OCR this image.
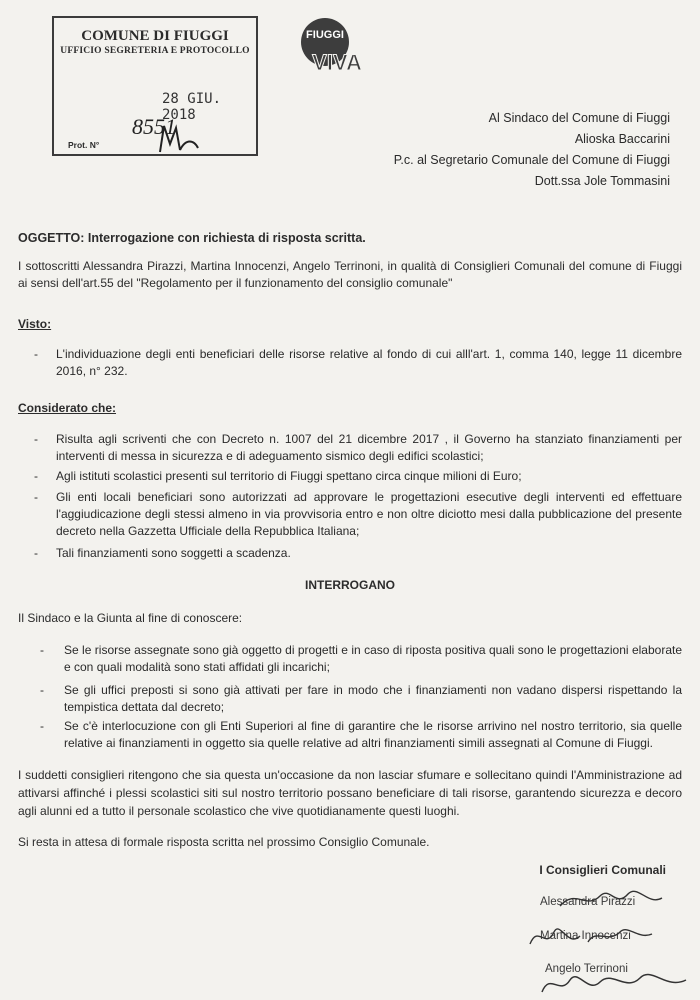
COMUNE DI FIUGGI
UFFICIO SEGRETERIA E PROTOCOLLO
28 GIU. 2018
8551
Prot. N°
FIUGGI
VIVA
Al Sindaco del Comune di Fiuggi
Alioska Baccarini
P.c. al Segretario Comunale del Comune di Fiuggi
Dott.ssa Jole Tommasini
OGGETTO: Interrogazione con richiesta di risposta scritta.
I sottoscritti Alessandra Pirazzi, Martina Innocenzi, Angelo Terrinoni, in qualità di Consiglieri Comunali del comune di Fiuggi ai sensi dell'art.55 del "Regolamento per il funzionamento del consiglio comunale"
Visto:
- L'individuazione degli enti beneficiari delle risorse relative al fondo di cui alll'art. 1, comma 140, legge 11 dicembre 2016, n° 232.
Considerato che:
- Risulta agli scriventi che con Decreto n. 1007 del 21 dicembre 2017 , il Governo ha stanziato finanziamenti per interventi di messa in sicurezza e di adeguamento sismico degli edifici scolastici;
- Agli istituti scolastici presenti sul territorio di Fiuggi spettano circa cinque milioni di Euro;
- Gli enti locali beneficiari sono autorizzati ad approvare le progettazioni esecutive degli interventi ed effettuare l'aggiudicazione degli stessi almeno in via provvisoria entro e non oltre diciotto mesi dalla pubblicazione del presente decreto nella Gazzetta Ufficiale della Repubblica Italiana;
- Tali finanziamenti sono soggetti a scadenza.
INTERROGANO
Il Sindaco e la Giunta al fine di conoscere:
- Se le risorse assegnate sono già oggetto di progetti e in caso di riposta positiva quali sono le progettazioni elaborate e con quali modalità sono stati affidati gli incarichi;
- Se gli uffici preposti si sono già attivati per fare in modo che i finanziamenti non vadano dispersi rispettando la tempistica dettata dal decreto;
- Se c'è interlocuzione con gli Enti Superiori al fine di garantire che le risorse arrivino nel nostro territorio, sia quelle relative ai finanziamenti in oggetto sia quelle relative ad altri finanziamenti simili assegnati al Comune di Fiuggi.
I suddetti consiglieri ritengono che sia questa un'occasione da non lasciar sfumare e sollecitano quindi l'Amministrazione ad attivarsi affinché i plessi scolastici siti sul nostro territorio possano beneficiare di tali risorse, garantendo sicurezza e decoro agli alunni ed a tutto il personale scolastico che vive quotidianamente questi luoghi.
Si resta in attesa di formale risposta scritta nel prossimo Consiglio Comunale.
I Consiglieri Comunali
Alessandra Pirazzi
Martina Innocenzi
Angelo Terrinoni
